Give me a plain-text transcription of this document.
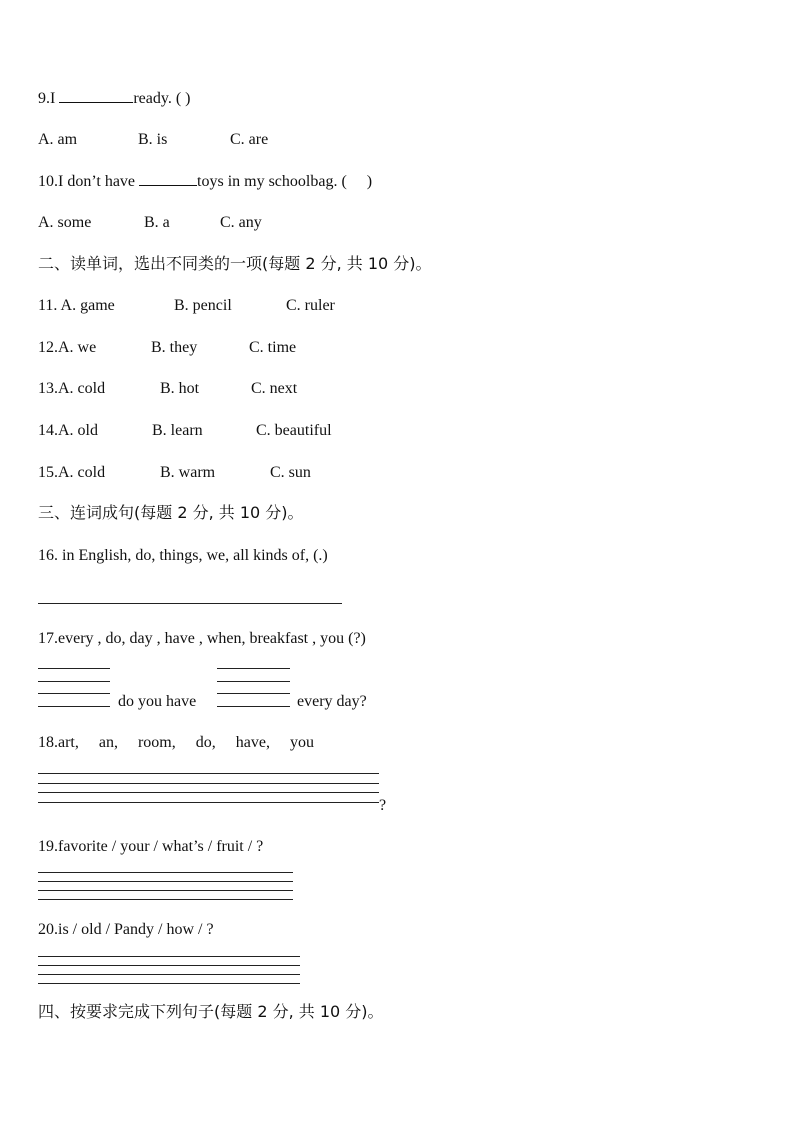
9.I	ready. ( )
A. am	B. is	C. are
10.I don’t have	toys in my schoolbag. (     )
A. some	B. a	C. any
二、读单词，选出不同类的一项(每题 2 分, 共 10 分)。
11. A. game	B. pencil	C. ruler
12.A. we	B. they	C. time
13.A. cold	B. hot	C. next
14.A. old	B. learn	C. beautiful
15.A. cold	B. warm	C. sun
三、连词成句(每题 2 分, 共 10 分)。
16. in English, do, things, we, all kinds of, (.)
17.every , do, day , have , when, breakfast , you (?)
do you have	every day?
18.art,     an,     room,     do,     have,     you
?
19.favorite / your / what’s / fruit / ?
20.is / old / Pandy / how / ?
四、按要求完成下列句子(每题 2 分, 共 10 分)。
